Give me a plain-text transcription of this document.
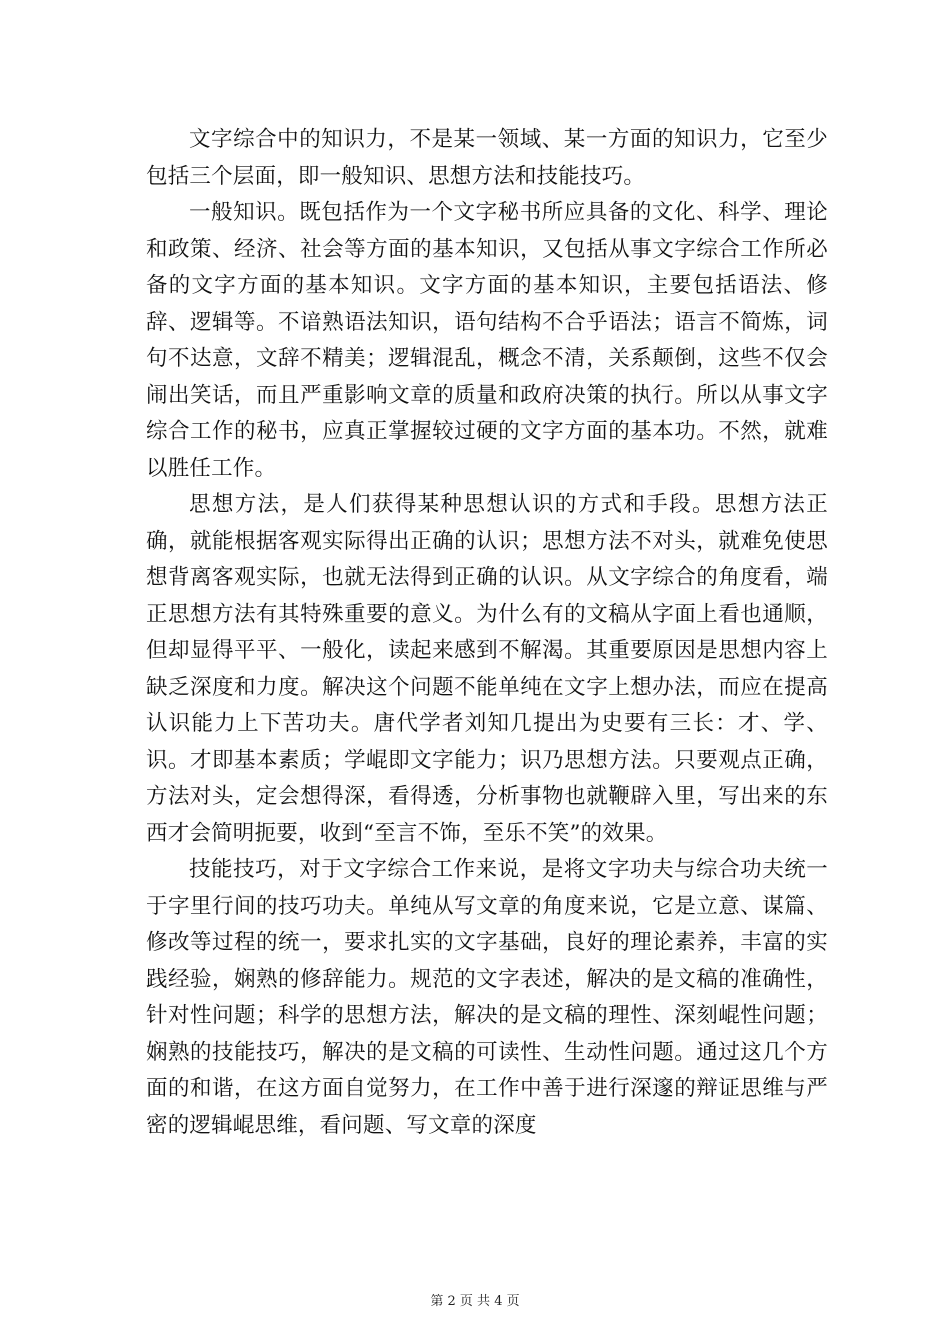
文字综合中的知识力，不是某一领域、某一方面的知识力，它至少包括三个层面，即一般知识、思想方法和技能技巧。

一般知识。既包括作为一个文字秘书所应具备的文化、科学、理论和政策、经济、社会等方面的基本知识，又包括从事文字综合工作所必备的文字方面的基本知识。文字方面的基本知识，主要包括语法、修辞、逻辑等。不谙熟语法知识，语句结构不合乎语法；语言不简炼，词句不达意，文辞不精美；逻辑混乱，概念不清，关系颠倒，这些不仅会闹出笑话，而且严重影响文章的质量和政府决策的执行。所以从事文字综合工作的秘书，应真正掌握较过硬的文字方面的基本功。不然，就难以胜任工作。

思想方法，是人们获得某种思想认识的方式和手段。思想方法正确，就能根据客观实际得出正确的认识；思想方法不对头，就难免使思想背离客观实际，也就无法得到正确的认识。从文字综合的角度看，端正思想方法有其特殊重要的意义。为什么有的文稿从字面上看也通顺，但却显得平平、一般化，读起来感到不解渴。其重要原因是思想内容上缺乏深度和力度。解决这个问题不能单纯在文字上想办法，而应在提高认识能力上下苦功夫。唐代学者刘知几提出为史要有三长：才、学、识。才即基本素质；学崐即文字能力；识乃思想方法。只要观点正确，方法对头，定会想得深，看得透，分析事物也就鞭辟入里，写出来的东西才会简明扼要，收到“至言不饰，至乐不笑”的效果。

技能技巧，对于文字综合工作来说，是将文字功夫与综合功夫统一于字里行间的技巧功夫。单纯从写文章的角度来说，它是立意、谋篇、修改等过程的统一，要求扎实的文字基础，良好的理论素养，丰富的实践经验，娴熟的修辞能力。规范的文字表述，解决的是文稿的准确性，针对性问题；科学的思想方法，解决的是文稿的理性、深刻崐性问题；娴熟的技能技巧，解决的是文稿的可读性、生动性问题。通过这几个方面的和谐，在这方面自觉努力，在工作中善于进行深邃的辩证思维与严密的逻辑崐思维，看问题、写文章的深度

第 2 页 共 4 页
